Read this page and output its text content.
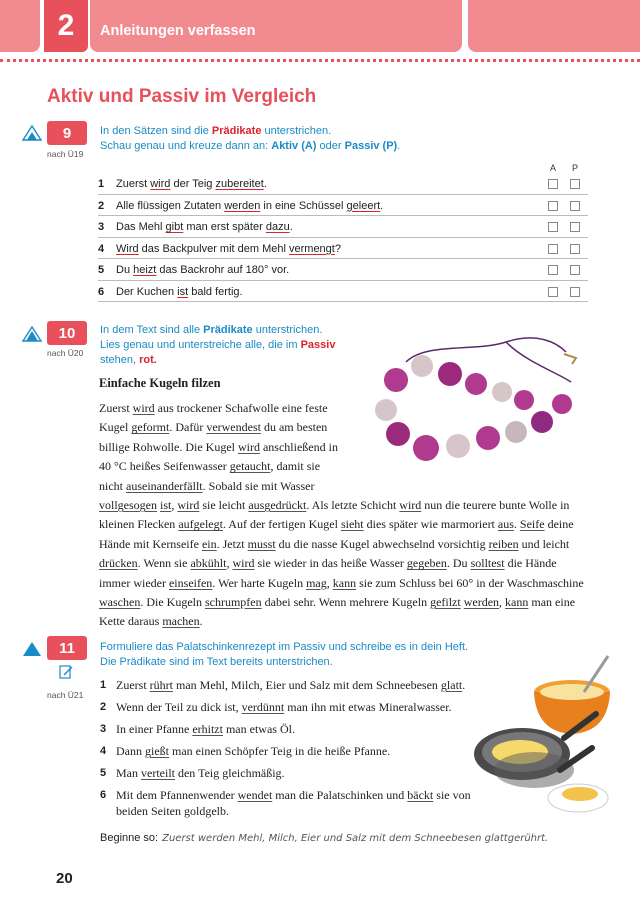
2	Anleitungen verfassen
Aktiv und Passiv im Vergleich
9
nach Ü19
In den Sätzen sind die Prädikate unterstrichen.
Schau genau und kreuze dann an: Aktiv (A) oder Passiv (P).
A P
1 Zuerst wird der Teig zubereitet.
2 Alle flüssigen Zutaten werden in eine Schüssel geleert.
3 Das Mehl gibt man erst später dazu.
4 Wird das Backpulver mit dem Mehl vermengt?
5 Du heizt das Backrohr auf 180° vor.
6 Der Kuchen ist bald fertig.
10
nach Ü20
In dem Text sind alle Prädikate unterstrichen.
Lies genau und unterstreiche alle, die im Passiv
stehen, rot.
Einfache Kugeln filzen
Zuerst wird aus trockener Schafwolle eine feste
Kugel geformt. Dafür verwendest du am besten
billige Rohwolle. Die Kugel wird anschließend in
40 °C heißes Seifenwasser getaucht, damit sie
nicht auseinanderfällt. Sobald sie mit Wasser
vollgesogen ist, wird sie leicht ausgedrückt. Als letzte Schicht wird nun die teurere bunte Wolle in
kleinen Flecken aufgelegt. Auf der fertigen Kugel sieht dies später wie marmoriert aus. Seife deine
Hände mit Kernseife ein. Jetzt musst du die nasse Kugel abwechselnd vorsichtig reiben und leicht
drücken. Wenn sie abkühlt, wird sie wieder in das heiße Wasser gegeben. Du solltest die Hände
immer wieder einseifen. Wer harte Kugeln mag, kann sie zum Schluss bei 60° in der Waschmaschine
waschen. Die Kugeln schrumpfen dabei sehr. Wenn mehrere Kugeln gefilzt werden, kann man eine
Kette daraus machen.
11
nach Ü21
Formuliere das Palatschinkenrezept im Passiv und schreibe es in dein Heft.
Die Prädikate sind im Text bereits unterstrichen.
1 Zuerst rührt man Mehl, Milch, Eier und Salz mit dem Schneebesen glatt.
2 Wenn der Teil zu dick ist, verdünnt man ihn mit etwas Mineralwasser.
3 In einer Pfanne erhitzt man etwas Öl.
4 Dann gießt man einen Schöpfer Teig in die heiße Pfanne.
5 Man verteilt den Teig gleichmäßig.
6 Mit dem Pfannenwender wendet man die Palatschinken und bäckt sie von beiden Seiten goldgelb.
Beginne so: Zuerst werden Mehl, Milch, Eier und Salz mit dem Schneebesen glattgerührt.
20
